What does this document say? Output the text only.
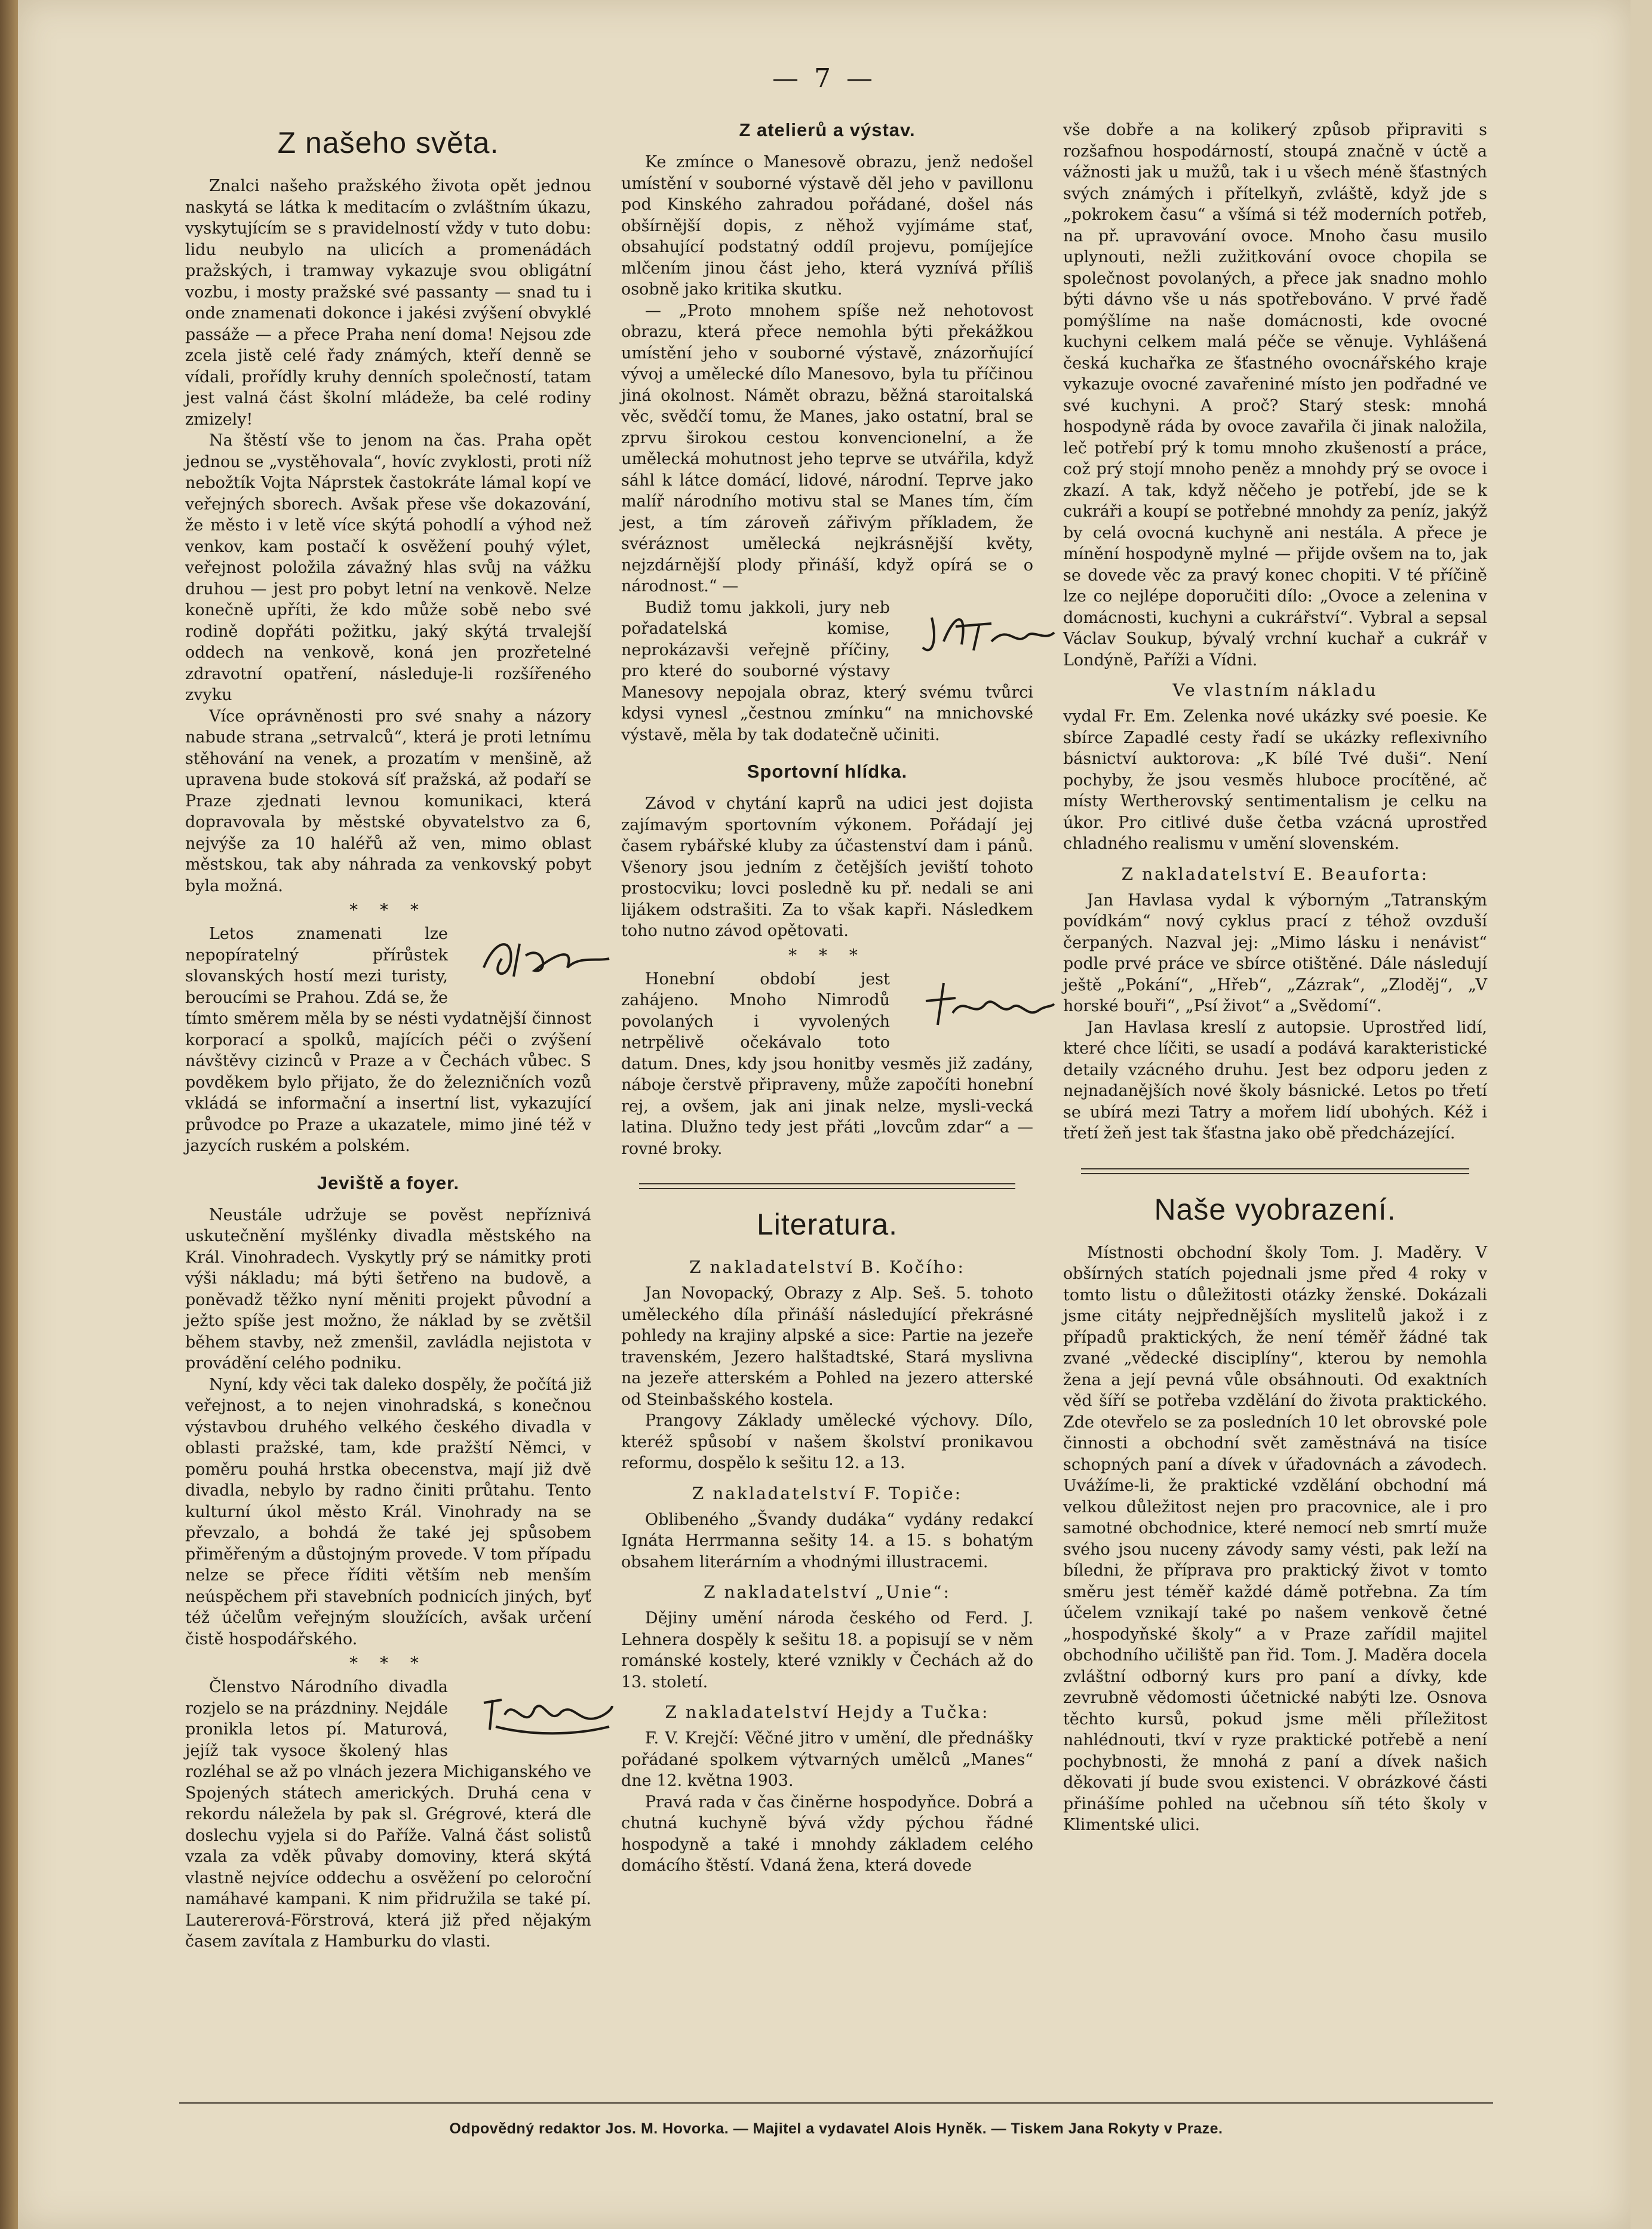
— 7 —
Z našeho světa.

Znalci našeho pražského života opět jednou naskytá se látka k meditacím o zvláštním úkazu, vyskytujícím se s pravidelností vždy v tuto dobu: lidu neubylo na ulicích a promenádách pražských, i tramway vykazuje svou obligátní vozbu, i mosty pražské své passanty — snad tu i onde znamenati dokonce i jakési zvýšení obvyklé passáže — a přece Praha není doma! Nejsou zde zcela jistě celé řady známých, kteří denně se vídali, prořídly kruhy denních společností, tatam jest valná část školní mládeže, ba celé rodiny zmizely!

Na štěstí vše to jenom na čas. Praha opět jednou se „vystěhovala“, hovíc zvyklosti, proti níž nebožtík Vojta Náprstek častokráte lámal kopí ve veřejných sborech. Avšak přese vše dokazování, že město i v letě více skýtá pohodlí a výhod než venkov, kam postačí k osvěžení pouhý výlet, veřejnost položila závažný hlas svůj na vážku druhou — jest pro pobyt letní na venkově. Nelze konečně upříti, že kdo může sobě nebo své rodině dopřáti požitku, jaký skýtá trvalejší oddech na venkově, koná jen prozřetelné zdravotní opatření, následuje-li rozšířeného zvyku

Více oprávněnosti pro své snahy a názory nabude strana „setrvalců“, která je proti letnímu stěhování na venek, a prozatím v menšině, až upravena bude stoková síť pražská, až podaří se Praze zjednati levnou komunikaci, která dopravovala by městské obyvatelstvo za 6, nejvýše za 10 haléřů až ven, mimo oblast městskou, tak aby náhrada za venkovský pobyt byla možná.

* * *

Letos znamenati lze nepopíratelný přírůstek slovanských hostí mezi turisty, beroucími se Prahou. Zdá se, že tímto směrem měla by se nésti vydatnější činnost korporací a spolků, majících péči o zvýšení návštěvy cizinců v Praze a v Čechách vůbec. S povděkem bylo přijato, že do železničních vozů vkládá se informační a insertní list, vykazující průvodce po Praze a ukazatele, mimo jiné též v jazycích ruském a polském.

Jeviště a foyer.

Neustále udržuje se pověst nepříznivá uskutečnění myšlénky divadla městského na Král. Vinohradech. Vyskytly prý se námitky proti výši nákladu; má býti šetřeno na budově, a poněvadž těžko nyní měniti projekt původní a ježto spíše jest možno, že náklad by se zvětšil během stavby, než zmenšil, zavládla nejistota v provádění celého podniku.

Nyní, kdy věci tak daleko dospěly, že počítá již veřejnost, a to nejen vinohradská, s konečnou výstavbou druhého velkého českého divadla v oblasti pražské, tam, kde pražští Němci, v poměru pouhá hrstka obecenstva, mají již dvě divadla, nebylo by radno činiti průtahu. Tento kulturní úkol město Král. Vinohrady na se převzalo, a bohdá že také jej spůsobem přiměřeným a důstojným provede. V tom případu nelze se přece říditi větším neb menším neúspěchem při stavebních podnicích jiných, byť též účelům veřejným sloužících, avšak určení čistě hospodářského.

* * *

Členstvo Národního divadla rozjelo se na prázdniny. Nejdále pronikla letos pí. Maturová, jejíž tak vysoce školený hlas rozléhal se až po vlnách jezera Michiganského ve Spojených státech amerických. Druhá cena v rekordu náležela by pak sl. Grégrové, která dle doslechu vyjela si do Paříže. Valná část solistů vzala za vděk půvaby domoviny, která skýtá vlastně nejvíce oddechu a osvěžení po celoroční namáhavé kampani. K nim přidružila se také pí. Lautererová-Förstrová, která již před nějakým časem zavítala z Hamburku do vlasti.

Z atelierů a výstav.

Ke zmínce o Manesově obrazu, jenž nedošel umístění v souborné výstavě děl jeho v pavillonu pod Kinského zahradou pořádané, došel nás obšírnější dopis, z něhož vyjímáme stať, obsahující podstatný oddíl projevu, pomíjejíce mlčením jinou část jeho, která vyznívá příliš osobně jako kritika skutku.

— „Proto mnohem spíše než nehotovost obrazu, která přece nemohla býti překážkou umístění jeho v souborné výstavě, znázorňující vývoj a umělecké dílo Manesovo, byla tu příčinou jiná okolnost. Námět obrazu, běžná staroitalská věc, svědčí tomu, že Manes, jako ostatní, bral se zprvu širokou cestou konvencionelní, a že umělecká mohutnost jeho teprve se utvářila, když sáhl k látce domácí, lidové, národní. Teprve jako malíř národního motivu stal se Manes tím, čím jest, a tím zároveň zářivým příkladem, že svéráznost umělecká nejkrásnější květy, nejzdárnější plody přináší, když opírá se o národnost.“ —

Budiž tomu jakkoli, jury neb pořadatelská komise, neprokázavši veřejně příčiny, pro které do souborné výstavy Manesovy nepojala obraz, který svému tvůrci kdysi vynesl „čestnou zmínku“ na mnichovské výstavě, měla by tak dodatečně učiniti.

Sportovní hlídka.

Závod v chytání kaprů na udici jest dojista zajímavým sportovním výkonem. Pořádají jej časem rybářské kluby za účastenství dam i pánů. Všenory jsou jedním z četějších jeviští tohoto prostocviku; lovci posledně ku př. nedali se ani lijákem odstrašiti. Za to však kapři. Následkem toho nutno závod opětovati.

* * *

Honební období jest zahájeno. Mnoho Nimrodů povolaných i vyvolených netrpělivě očekávalo toto datum. Dnes, kdy jsou honitby vesměs již zadány, náboje čerstvě připraveny, může započíti honební rej, a ovšem, jak ani jinak nelze, mysli-vecká latina. Dlužno tedy jest přáti „lovcům zdar“ a — rovné broky.

Literatura.
Z nakladatelství B. Kočího:

Jan Novopacký, Obrazy z Alp. Seš. 5. tohoto uměleckého díla přináší následující překrásné pohledy na krajiny alpské a sice: Partie na jezeře travenském, Jezero halštadtské, Stará myslivna na jezeře atterském a Pohled na jezero atterské od Steinbašského kostela.

Prangovy Základy umělecké výchovy. Dílo, kteréž spůsobí v našem školství pronikavou reformu, dospělo k sešitu 12. a 13.

Z nakladatelství F. Topiče:

Oblibeného „Švandy dudáka“ vydány redakcí Ignáta Herrmanna sešity 14. a 15. s bohatým obsahem literárním a vhodnými illustracemi.

Z nakladatelství „Unie“:

Dějiny umění národa českého od Ferd. J. Lehnera dospěly k sešitu 18. a popisují se v něm románské kostely, které vznikly v Čechách až do 13. století.

Z nakladatelství Hejdy a Tučka:

F. V. Krejčí: Věčné jitro v umění, dle přednášky pořádané spolkem výtvarných umělců „Manes“ dne 12. května 1903.

Pravá rada v čas činěrne hospodyňce. Dobrá a chutná kuchyně bývá vždy pýchou řádné hospodyně a také i mnohdy základem celého domácího štěstí. Vdaná žena, která dovede

vše dobře a na kolikerý způsob připraviti s rozšafnou hospodárností, stoupá značně v úctě a vážnosti jak u mužů, tak i u všech méně šťastných svých známých i přítelkyň, zvláště, když jde s „pokrokem času“ a všímá si též moderních potřeb, na př. upravování ovoce. Mnoho času musilo uplynouti, nežli zužitkování ovoce chopila se společnost povolaných, a přece jak snadno mohlo býti dávno vše u nás spotřebováno. V prvé řadě pomýšlíme na naše domácnosti, kde ovocné kuchyni celkem malá péče se věnuje. Vyhlášená česká kuchařka ze šťastného ovocnářského kraje vykazuje ovocné zavařeniné místo jen podřadné ve své kuchyni. A proč? Starý stesk: mnohá hospodyně ráda by ovoce zavařila či jinak naložila, leč potřebí prý k tomu mnoho zkušeností a práce, což prý stojí mnoho peněz a mnohdy prý se ovoce i zkazí. A tak, když něčeho je potřebí, jde se k cukráři a koupí se potřebné mnohdy za peníz, jakýž by celá ovocná kuchyně ani nestála. A přece je mínění hospodyně mylné — přijde ovšem na to, jak se dovede věc za pravý konec chopiti. V té příčině lze co nejlépe doporučiti dílo: „Ovoce a zelenina v domácnosti, kuchyni a cukrářství“. Vybral a sepsal Václav Soukup, bývalý vrchní kuchař a cukrář v Londýně, Paříži a Vídni.

Ve vlastním nákladu

vydal Fr. Em. Zelenka nové ukázky své poesie. Ke sbírce Zapadlé cesty řadí se ukázky reflexivního básnictví auktorova: „K bílé Tvé duši“. Není pochyby, že jsou vesměs hluboce procítěné, ač místy Wertherovský sentimentalism je celku na úkor. Pro citlivé duše četba vzácná uprostřed chladného realismu v umění slovenském.

Z nakladatelství E. Beauforta:

Jan Havlasa vydal k výborným „Tatranským povídkám“ nový cyklus prací z téhož ovzduší čerpaných. Nazval jej: „Mimo lásku i nenávist“ podle prvé práce ve sbírce otištěné. Dále následují ještě „Pokání“, „Hřeb“, „Zázrak“, „Zloděj“, „V horské bouři“, „Psí život“ a „Svědomí“.

Jan Havlasa kreslí z autopsie. Uprostřed lidí, které chce líčiti, se usadí a podává karakteristické detaily vzácného druhu. Jest bez odporu jeden z nejnadanějších nové školy básnické. Letos po třetí se ubírá mezi Tatry a mořem lidí ubohých. Kéž i třetí žeň jest tak šťastna jako obě předcházející.

Naše vyobrazení.

Místnosti obchodní školy Tom. J. Maděry. V obšírných statích pojednali jsme před 4 roky v tomto listu o důležitosti otázky ženské. Dokázali jsme citáty nejpřednějších myslitelů jakož i z případů praktických, že není téměř žádné tak zvané „vědecké disciplíny“, kterou by nemohla žena a její pevná vůle obsáhnouti. Od exaktních věd šíří se potřeba vzdělání do života praktického. Zde otevřelo se za posledních 10 let obrovské pole činnosti a obchodní svět zaměstnává na tisíce schopných paní a dívek v úřadovnách a závodech. Uvážíme-li, že praktické vzdělání obchodní má velkou důležitost nejen pro pracovnice, ale i pro samotné obchodnice, které nemocí neb smrtí muže svého jsou nuceny závody samy vésti, pak leží na bíledni, že příprava pro praktický život v tomto směru jest téměř každé dámě potřebna. Za tím účelem vznikají také po našem venkově četné „hospodyňské školy“ a v Praze zařídil majitel obchodního učiliště pan řid. Tom. J. Maděra docela zvláštní odborný kurs pro paní a dívky, kde zevrubně vědomosti účetnické nabýti lze. Osnova těchto kursů, pokud jsme měli příležitost nahlédnouti, tkví v ryze praktické potřebě a není pochybnosti, že mnohá z paní a dívek našich děkovati jí bude svou existenci. V obrázkové části přinášíme pohled na učebnou síň této školy v Klimentské ulici.

Odpovědný redaktor Jos. M. Hovorka. — Majitel a vydavatel Alois Hyněk. — Tiskem Jana Rokyty v Praze.
